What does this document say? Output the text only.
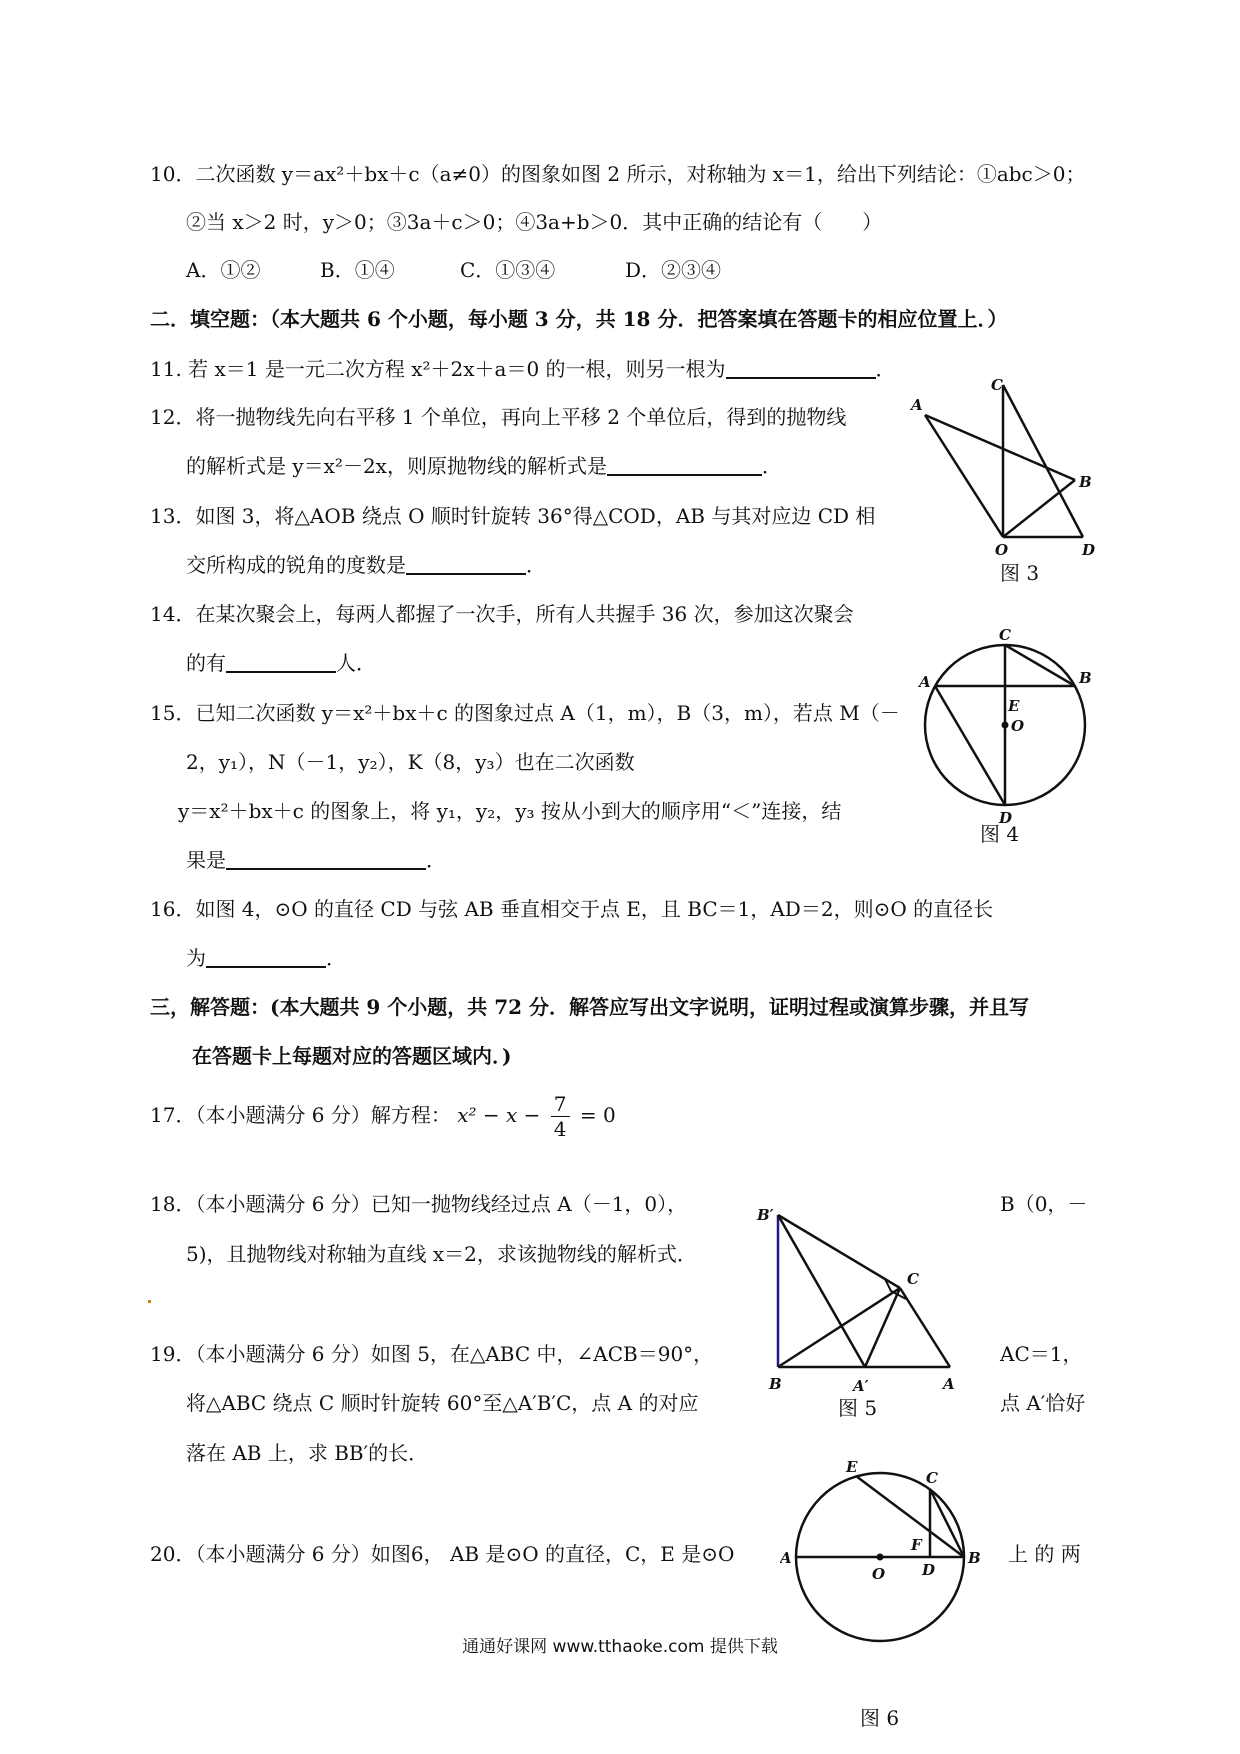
10．二次函数 y＝ax²＋bx＋c（a≠0）的图象如图 2 所示，对称轴为 x＝1，给出下列结论：①abc＞0；
②当 x＞2 时，y＞0；③3a＋c＞0；④3a+b＞0．其中正确的结论有（　　）
A．①②	B．①④	C．①③④	D．②③④
二．填空题：（本大题共 6 个小题，每小题 3 分，共 18 分．把答案填在答题卡的相应位置上．）
11. 若 x＝1 是一元二次方程 x²＋2x＋a＝0 的一根，则另一根为	．
12．将一抛物线先向右平移 1 个单位，再向上平移 2 个单位后，得到的抛物线
的解析式是 y＝x²－2x，则原抛物线的解析式是	．
13．如图 3，将△AOB 绕点 O 顺时针旋转 36°得△COD，AB 与其对应边 CD 相
交所构成的锐角的度数是	．
14．在某次聚会上，每两人都握了一次手，所有人共握手 36 次，参加这次聚会
的有	人．
15．已知二次函数 y＝x²＋bx＋c 的图象过点 A（1，m），B（3，m），若点 M（－
2，y₁），N（－1，y₂），K（8，y₃）也在二次函数
y＝x²＋bx＋c 的图象上，将 y₁，y₂，y₃ 按从小到大的顺序用“＜”连接，结
果是	．
16．如图 4，⊙O 的直径 CD 与弦 AB 垂直相交于点 E，且 BC＝1，AD＝2，则⊙O 的直径长
为	．
三，解答题：(本大题共 9 个小题，共 72 分．解答应写出文字说明，证明过程或演算步骤，并且写
在答题卡上每题对应的答题区域内．)
17．（本小题满分 6 分）解方程： $x^2 - x - \frac{7}{4} = 0$
18．（本小题满分 6 分）已知一抛物线经过点 A（－1，0），	B（0，－
5)，且抛物线对称轴为直线 x＝2，求该抛物线的解析式．
19．（本小题满分 6 分）如图 5，在△ABC 中，∠ACB＝90°，	AC＝1，
将△ABC 绕点 C 顺时针旋转 60°至△A′B′C，点 A 的对应	点 A′恰好
落在 AB 上，求 BB′的长．
20．（本小题满分 6 分）如图6， AB 是⊙O 的直径，C，E 是⊙O	上 的 两
A
C
B
O	D
图 3
C
A	B
E
O
D
图 4
B′
C
B	A′	A
图 5
E
C
A
O
F
D
B
图 6
通通好课网 www.tthaoke.com 提供下载
